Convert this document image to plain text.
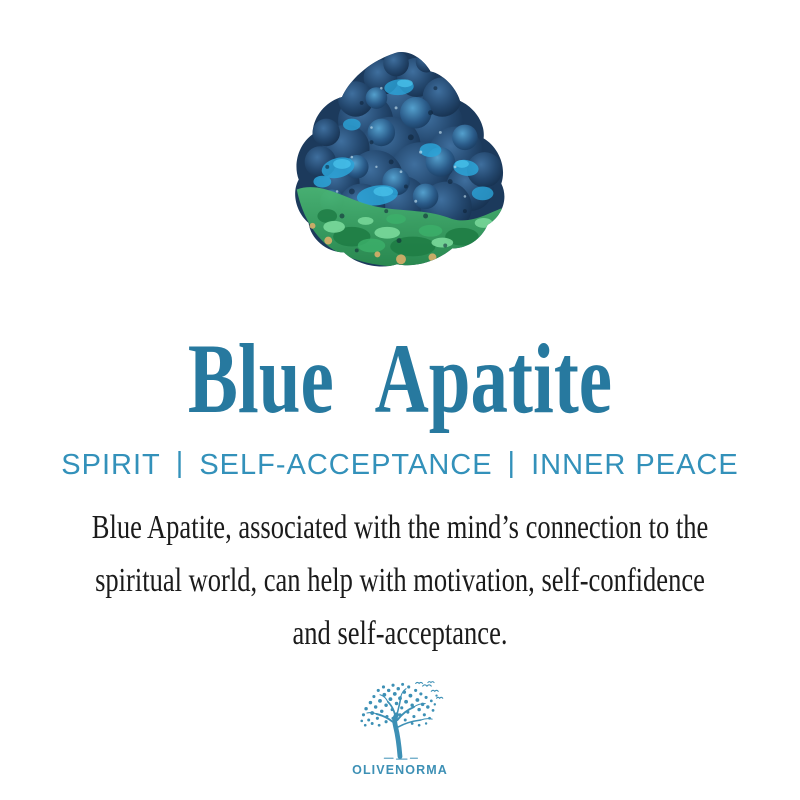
Blue Apatite
SPIRIT | SELF-ACCEPTANCE | INNER PEACE
Blue Apatite, associated with the mind’s connection to the
spiritual world, can help with motivation, self-confidence
and self-acceptance.
OLIVENORMA
